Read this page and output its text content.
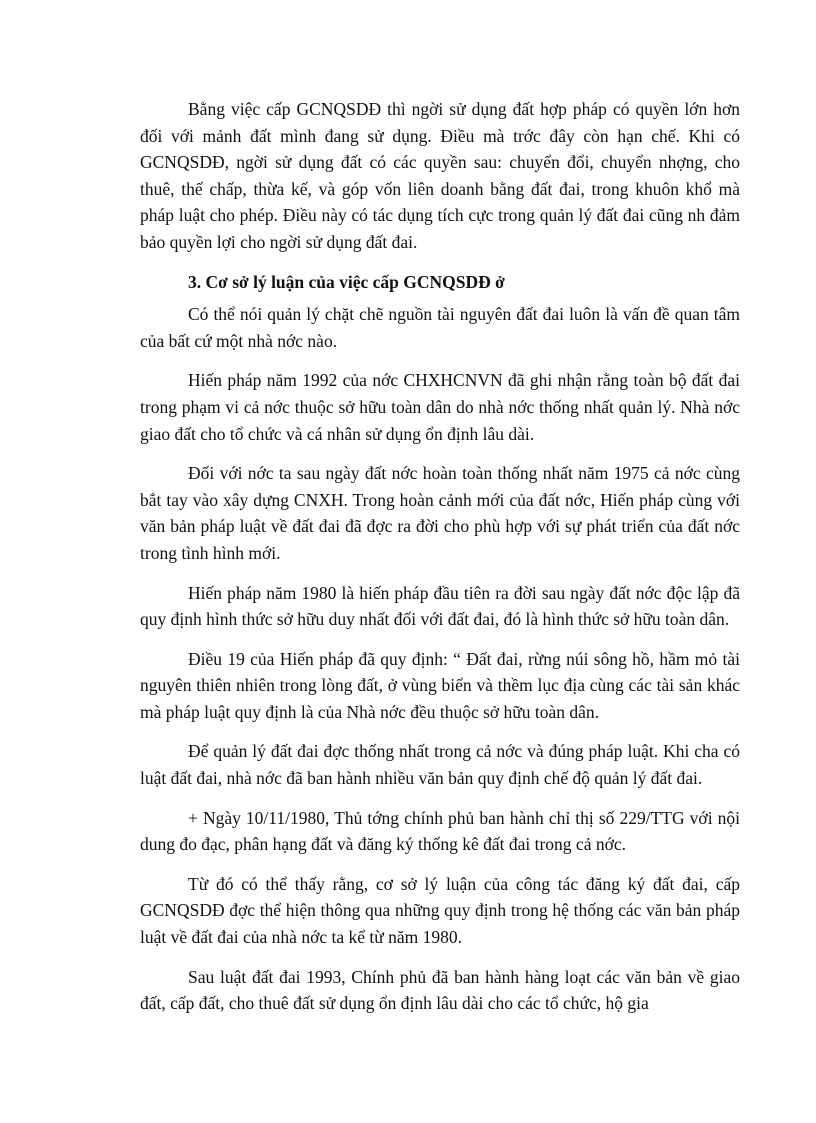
Bằng việc cấp GCNQSDĐ thì ngời sử dụng đất hợp pháp có quyền lớn hơn đối với mảnh đất mình đang sử dụng. Điều mà trớc đây còn hạn chế. Khi có GCNQSDĐ, ngời sử dụng đất có các quyền sau: chuyển đổi, chuyển nhợng, cho thuê, thế chấp, thừa kế, và góp vốn liên doanh bằng đất đai, trong khuôn khổ mà pháp luật cho phép. Điều này có tác dụng tích cực trong quản lý đất đai cũng nh đảm bảo quyền lợi cho ngời sử dụng đất đai.

3. Cơ sở lý luận của việc cấp GCNQSDĐ ở

Có thể nói quản lý chặt chẽ nguồn tài nguyên đất đai luôn là vấn đề quan tâm của bất cứ một nhà nớc nào.

Hiến pháp năm 1992 của nớc CHXHCNVN đã ghi nhận rằng toàn bộ đất đai trong phạm vi cả nớc thuộc sở hữu toàn dân do nhà nớc thống nhất quản lý. Nhà nớc giao đất cho tổ chức và cá nhân sử dụng ổn định lâu dài.

Đối với nớc ta sau ngày đất nớc hoàn toàn thống nhất năm 1975 cả nớc cùng bắt tay vào xây dựng CNXH. Trong hoàn cảnh mới của đất nớc, Hiến pháp cùng với văn bản pháp luật về đất đai đã đợc ra đời cho phù hợp với sự phát triển của đất nớc trong tình hình mới.

Hiến pháp năm 1980 là hiến pháp đầu tiên ra đời sau ngày đất nớc độc lập đã quy định hình thức sở hữu duy nhất đối với đất đai, đó là hình thức sở hữu toàn dân.

Điều 19 của Hiến pháp đã quy định: “ Đất đai, rừng núi sông hồ, hầm mỏ tài nguyên thiên nhiên trong lòng đất, ở vùng biển và thềm lục địa cùng các tài sản khác mà pháp luật quy định là của Nhà nớc đều thuộc sở hữu toàn dân.

Để quản lý đất đai đợc thống nhất trong cả nớc và đúng pháp luật. Khi cha có luật đất đai, nhà nớc đã ban hành nhiều văn bản quy định chế độ quản lý đất đai.

+ Ngày 10/11/1980, Thủ tớng chính phủ ban hành chỉ thị số 229/TTG với nội dung đo đạc, phân hạng đất và đăng ký thống kê đất đai trong cả nớc.

Từ đó có thể thấy rằng, cơ sở lý luận của công tác đăng ký đất đai, cấp GCNQSDĐ đợc thể hiện thông qua những quy định trong hệ thống các văn bản pháp luật về đất đai của nhà nớc ta kể từ năm 1980.

Sau luật đất đai 1993, Chính phủ đã ban hành hàng loạt các văn bản về giao đất, cấp đất, cho thuê đất sử dụng ổn định lâu dài cho các tổ chức, hộ gia
